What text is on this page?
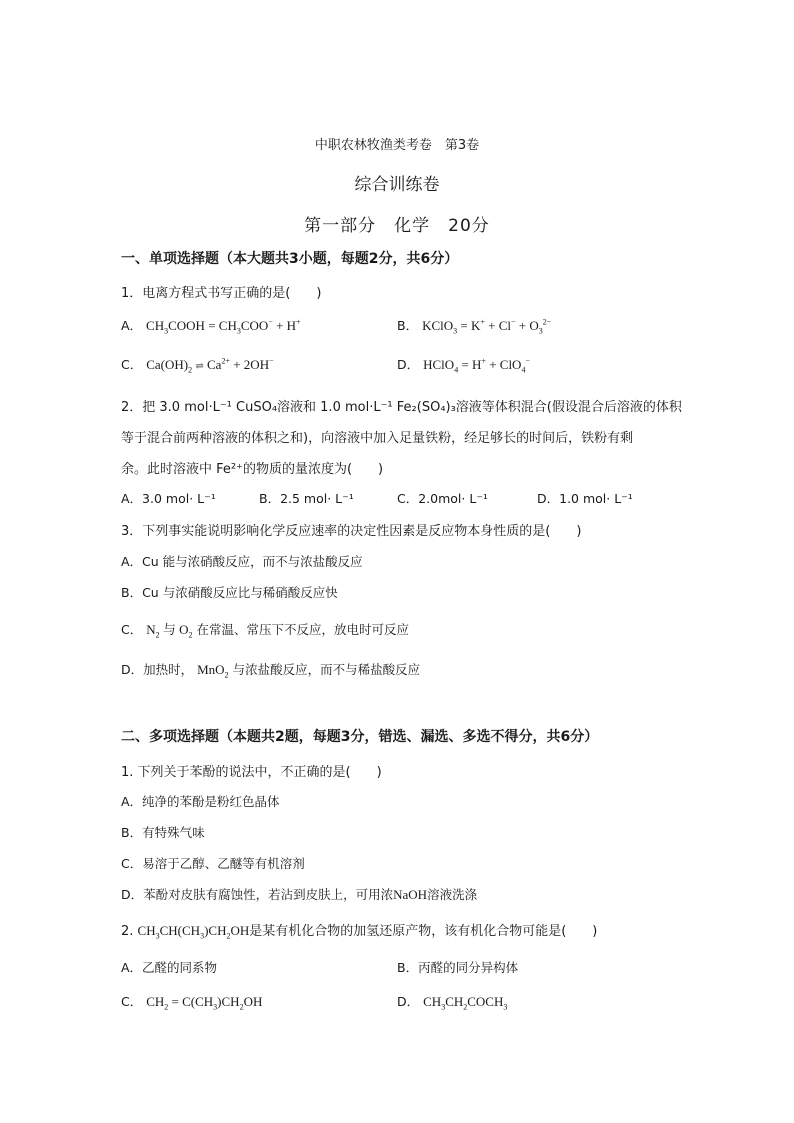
中职农林牧渔类考卷　第3卷
综合训练卷
第一部分　化学　20分
一、单项选择题（本大题共3小题，每题2分，共6分）
1．电离方程式书写正确的是(　　)
A． $CH_3COOH = CH_3COO^- + H^+$	B． KClO$_3$ = $K^+ + Cl^- + O_3^{2-}$
C． $Ca(OH)_2$ ⇌ $Ca^{2+} + 2OH^-$	D． HClO$_4$ = H+ + ClO$_4$−
2．把 3.0 mol·L⁻¹ CuSO₄溶液和 1.0 mol·L⁻¹ Fe₂(SO₄)₃溶液等体积混合(假设混合后溶液的体积
等于混合前两种溶液的体积之和)，向溶液中加入足量铁粉，经足够长的时间后，铁粉有剩
余。此时溶液中 Fe²⁺的物质的量浓度为(　　)
A．3.0 mol· L⁻¹	B．2.5 mol· L⁻¹	C．2.0mol· L⁻¹	D．1.0 mol· L⁻¹
3．下列事实能说明影响化学反应速率的决定性因素是反应物本身性质的是(　　)
A．Cu 能与浓硝酸反应，而不与浓盐酸反应
B．Cu 与浓硝酸反应比与稀硝酸反应快
C． $N_2$ 与 $O_2$ 在常温、常压下不反应，放电时可反应
D．加热时， MnO$_2$ 与浓盐酸反应，而不与稀盐酸反应
二、多项选择题（本题共2题，每题3分，错选、漏选、多选不得分，共6分）
1. 下列关于苯酚的说法中，不正确的是(　　)
A．纯净的苯酚是粉红色晶体
B．有特殊气味
C．易溶于乙醇、乙醚等有机溶剂
D．苯酚对皮肤有腐蚀性，若沾到皮肤上，可用浓NaOH溶液洗涤
2. $CH_3CH(CH_3)CH_2OH$是某有机化合物的加氢还原产物，该有机化合物可能是(　　)
A．乙醛的同系物	B．丙醛的同分异构体
C． $CH_2 = C(CH_3)CH_2OH$	D． $CH_3CH_2COCH_3$
